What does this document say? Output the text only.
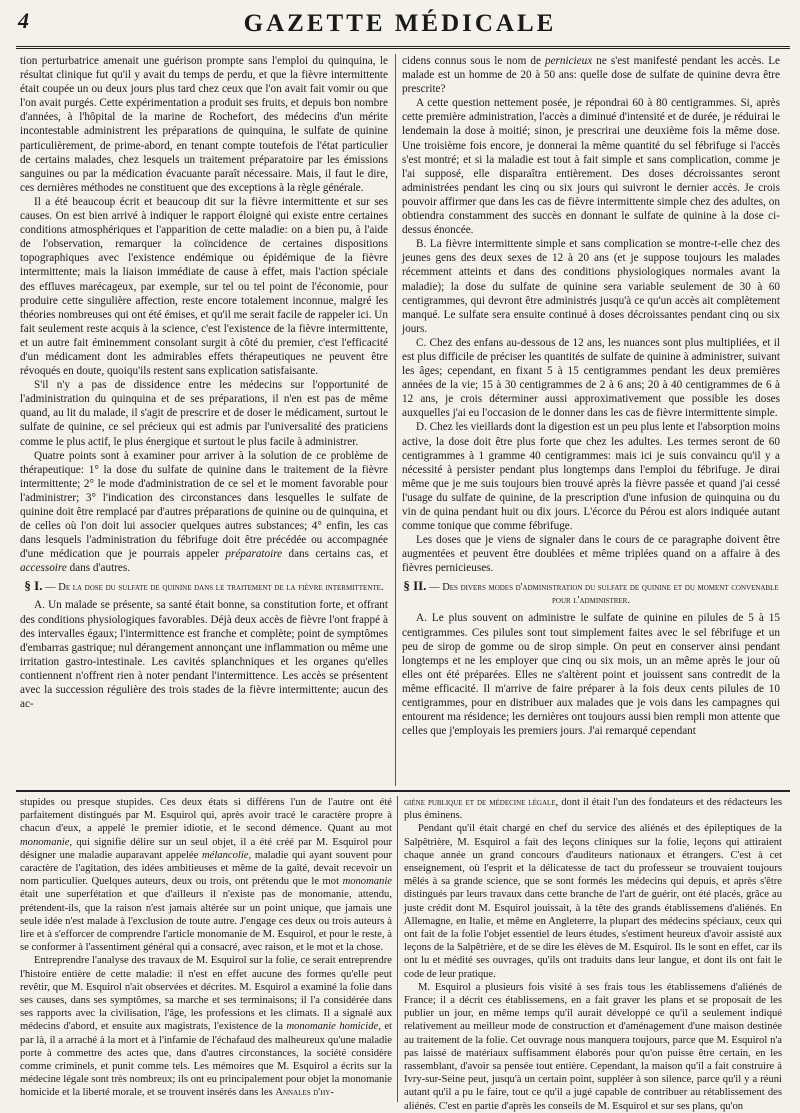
4	GAZETTE MÉDICALE

tion perturbatrice amenait une guérison prompte sans l'emploi du quinquina, le résultat clinique fut qu'il y avait du temps de perdu, et que la fièvre intermittente était coupée un ou deux jours plus tard chez ceux que l'on avait fait vomir ou que l'on avait purgés. Cette expérimentation a produit ses fruits, et depuis bon nombre d'années, à l'hôpital de la marine de Rochefort, des médecins d'un mérite incontestable administrent les préparations de quinquina, le sulfate de quinine particulièrement, de prime-abord, en tenant compte toutefois de l'état particulier de certains malades, chez lesquels un traitement préparatoire par les émissions sanguines ou par la médication évacuante paraît nécessaire. Mais, il faut le dire, ces dernières méthodes ne constituent que des exceptions à la règle générale.

Il a été beaucoup écrit et beaucoup dit sur la fièvre intermittente et sur ses causes. On est bien arrivé à indiquer le rapport éloigné qui existe entre certaines conditions atmosphériques et l'apparition de cette maladie: on a bien pu, à l'aide de l'observation, remarquer la coïncidence de certaines dispositions topographiques avec l'existence endémique ou épidémique de la fièvre intermittente; mais la liaison immédiate de cause à effet, mais l'action spéciale des effluves marécageux, par exemple, sur tel ou tel point de l'économie, pour produire cette singulière affection, reste encore totalement inconnue, malgré les théories nombreuses qui ont été émises, et qu'il me serait facile de rappeler ici. Un fait seulement reste acquis à la science, c'est l'existence de la fièvre intermittente, et un autre fait éminemment consolant surgit à côté du premier, c'est l'efficacité d'un médicament dont les admirables effets thérapeutiques ne peuvent être révoqués en doute, quoiqu'ils restent sans explication satisfaisante.

S'il n'y a pas de dissidence entre les médecins sur l'opportunité de l'administration du quinquina et de ses préparations, il n'en est pas de même quand, au lit du malade, il s'agit de prescrire et de doser le médicament, surtout le sulfate de quinine, ce sel précieux qui est admis par l'universalité des praticiens comme le plus actif, le plus énergique et surtout le plus facile à administrer.

Quatre points sont à examiner pour arriver à la solution de ce problème de thérapeutique: 1° la dose du sulfate de quinine dans le traitement de la fièvre intermittente; 2° le mode d'administration de ce sel et le moment favorable pour l'administrer; 3° l'indication des circonstances dans lesquelles le sulfate de quinine doit être remplacé par d'autres préparations de quinine ou de quinquina, et de celles où l'on doit lui associer quelques autres substances; 4° enfin, les cas dans lesquels l'administration du fébrifuge doit être précédée ou accompagnée d'une médication que je pourrais appeler préparatoire dans certains cas, et accessoire dans d'autres.

§ I. — De la dose du sulfate de quinine dans le traitement de la fièvre intermittente.

A. Un malade se présente, sa santé était bonne, sa constitution forte, et offrant des conditions physiologiques favorables. Déjà deux accès de fièvre l'ont frappé à des intervalles égaux; l'intermittence est franche et complète; point de symptômes d'embarras gastrique; nul dérangement annonçant une inflammation ou même une irritation gastro-intestinale. Les cavités splanchniques et les organes qu'elles contiennent n'offrent rien à noter pendant l'intermittence. Les accès se présentent avec la succession régulière des trois stades de la fièvre intermittente; aucun des ac-

cidens connus sous le nom de pernicieux ne s'est manifesté pendant les accès. Le malade est un homme de 20 à 50 ans: quelle dose de sulfate de quinine devra être prescrite?

A cette question nettement posée, je répondrai 60 à 80 centigrammes. Si, après cette première administration, l'accès a diminué d'intensité et de durée, je réduirai le lendemain la dose à moitié; sinon, je prescrirai une deuxième fois la même dose. Une troisième fois encore, je donnerai la même quantité du sel fébrifuge si l'accès s'est montré; et si la maladie est tout à fait simple et sans complication, comme je l'ai supposé, elle disparaîtra entièrement. Des doses décroissantes seront administrées pendant les cinq ou six jours qui suivront le dernier accès. Je crois pouvoir affirmer que dans les cas de fièvre intermittente simple chez des adultes, on obtiendra constamment des succès en donnant le sulfate de quinine à la dose ci-dessus énoncée.

B. La fièvre intermittente simple et sans complication se montre-t-elle chez des jeunes gens des deux sexes de 12 à 20 ans (et je suppose toujours les malades récemment atteints et dans des conditions physiologiques normales avant la maladie); la dose du sulfate de quinine sera variable seulement de 30 à 60 centigrammes, qui devront être administrés jusqu'à ce qu'un accès ait complètement manqué. Le sulfate sera ensuite continué à doses décroissantes pendant cinq ou six jours.

C. Chez des enfans au-dessous de 12 ans, les nuances sont plus multipliées, et il est plus difficile de préciser les quantités de sulfate de quinine à administrer, suivant les âges; cependant, en fixant 5 à 15 centigrammes pendant les deux premières années de la vie; 15 à 30 centigrammes de 2 à 6 ans; 20 à 40 centigrammes de 6 à 12 ans, je crois déterminer aussi approximativement que possible les doses auxquelles j'ai eu l'occasion de le donner dans les cas de fièvre intermittente simple.

D. Chez les vieillards dont la digestion est un peu plus lente et l'absorption moins active, la dose doit être plus forte que chez les adultes. Les termes seront de 60 centigrammes à 1 gramme 40 centigrammes: mais ici je suis convaincu qu'il y a nécessité à persister pendant plus longtemps dans l'emploi du fébrifuge. Je dirai même que je me suis toujours bien trouvé après la fièvre passée et quand j'ai cessé l'usage du sulfate de quinine, de la prescription d'une infusion de quinquina ou du vin de quina pendant huit ou dix jours. L'écorce du Pérou est alors indiquée autant comme tonique que comme fébrifuge.

Les doses que je viens de signaler dans le cours de ce paragraphe doivent être augmentées et peuvent être doublées et même triplées quand on a affaire à des fièvres pernicieuses.

§ II. — Des divers modes d'administration du sulfate de quinine et du moment convenable pour l'administrer.

A. Le plus souvent on administre le sulfate de quinine en pilules de 5 à 15 centigrammes. Ces pilules sont tout simplement faites avec le sel fébrifuge et un peu de sirop de gomme ou de sirop simple. On peut en conserver ainsi pendant longtemps et ne les employer que cinq ou six mois, un an même après le jour où elles ont été préparées. Elles ne s'altèrent point et jouissent sans contredit de la même efficacité. Il m'arrive de faire préparer à la fois deux cents pilules de 10 centigrammes, pour en distribuer aux malades que je vois dans les campagnes qui entourent ma résidence; les dernières ont toujours aussi bien rempli mon attente que celles que j'employais les premiers jours. J'ai remarqué cependant

stupides ou presque stupides. Ces deux états si différens l'un de l'autre ont été parfaitement distingués par M. Esquirol qui, après avoir tracé le caractère propre à chacun d'eux, a appelé le premier idiotie, et le second démence. Quant au mot monomanie, qui signifie délire sur un seul objet, il a été créé par M. Esquirol pour désigner une maladie auparavant appelée mélancolie, maladie qui ayant souvent pour caractère de l'agitation, des idées ambitieuses et même de la gaîté, devait recevoir un nom particulier. Quelques auteurs, deux ou trois, ont prétendu que le mot monomanie était une superfétation et que d'ailleurs il n'existe pas de monomanie, attendu, prétendent-ils, que la raison n'est jamais altérée sur un point unique, que jamais une seule idée n'est malade à l'exclusion de toute autre. J'engage ces deux ou trois auteurs à lire et à s'efforcer de comprendre l'article monomanie de M. Esquirol, et pour le reste, à se conformer à l'assentiment général qui a consacré, avec raison, et le mot et la chose.

Entreprendre l'analyse des travaux de M. Esquirol sur la folie, ce serait entreprendre l'histoire entière de cette maladie: il n'est en effet aucune des formes qu'elle peut revêtir, que M. Esquirol n'ait observées et décrites. M. Esquirol a examiné la folie dans ses causes, dans ses symptômes, sa marche et ses terminaisons; il l'a considérée dans ses rapports avec la civilisation, l'âge, les professions et les climats. Il a signalé aux médecins d'abord, et ensuite aux magistrats, l'existence de la monomanie homicide, et par là, il a arraché à la mort et à l'infamie de l'échafaud des malheureux qu'une maladie porte à commettre des actes que, dans d'autres circonstances, la société considère comme criminels, et punit comme tels. Les mémoires que M. Esquirol a écrits sur la médecine légale sont très nombreux; ils ont eu principalement pour objet la monomanie homicide et la liberté morale, et se trouvent insérés dans les Annales d'hy-

giène publique et de médecine légale, dont il était l'un des fondateurs et des rédacteurs les plus éminens.

Pendant qu'il était chargé en chef du service des aliénés et des épileptiques de la Salpêtrière, M. Esquirol a fait des leçons cliniques sur la folie, leçons qui attiraient chaque année un grand concours d'auditeurs nationaux et étrangers. C'est à cet enseignement, où l'esprit et la délicatesse de tact du professeur se trouvaient toujours mêlés à sa grande science, que se sont formés les médecins qui depuis, et après s'être distingués par leurs travaux dans cette branche de l'art de guérir, ont été placés, grâce au juste crédit dont M. Esquirol jouissait, à la tête des grands établissemens d'aliénés. En Allemagne, en Italie, et même en Angleterre, la plupart des médecins spéciaux, ceux qui ont fait de la folie l'objet essentiel de leurs études, s'estiment heureux d'avoir assisté aux leçons de la Salpêtrière, et de se dire les élèves de M. Esquirol. Ils le sont en effet, car ils ont lu et médité ses ouvrages, qu'ils ont traduits dans leur langue, et dont ils ont fait le code de leur pratique.

M. Esquirol a plusieurs fois visité à ses frais tous les établissemens d'aliénés de France; il a décrit ces établissemens, en a fait graver les plans et se proposait de les publier un jour, en même temps qu'il aurait développé ce qu'il a seulement indiqué relativement au meilleur mode de construction et d'aménagement d'une maison destinée au traitement de la folie. Cet ouvrage nous manquera toujours, parce que M. Esquirol n'a pas laissé de matériaux suffisamment élaborés pour qu'on puisse être certain, en les rassemblant, d'avoir sa pensée tout entière. Cependant, la maison qu'il a fait construire à Ivry-sur-Seine peut, jusqu'à un certain point, suppléer à son silence, parce qu'il y a réuni autant qu'il a pu le faire, tout ce qu'il a jugé capable de contribuer au rétablissement des aliénés. C'est en partie d'après les conseils de M. Esquirol et sur ses plans, qu'on
